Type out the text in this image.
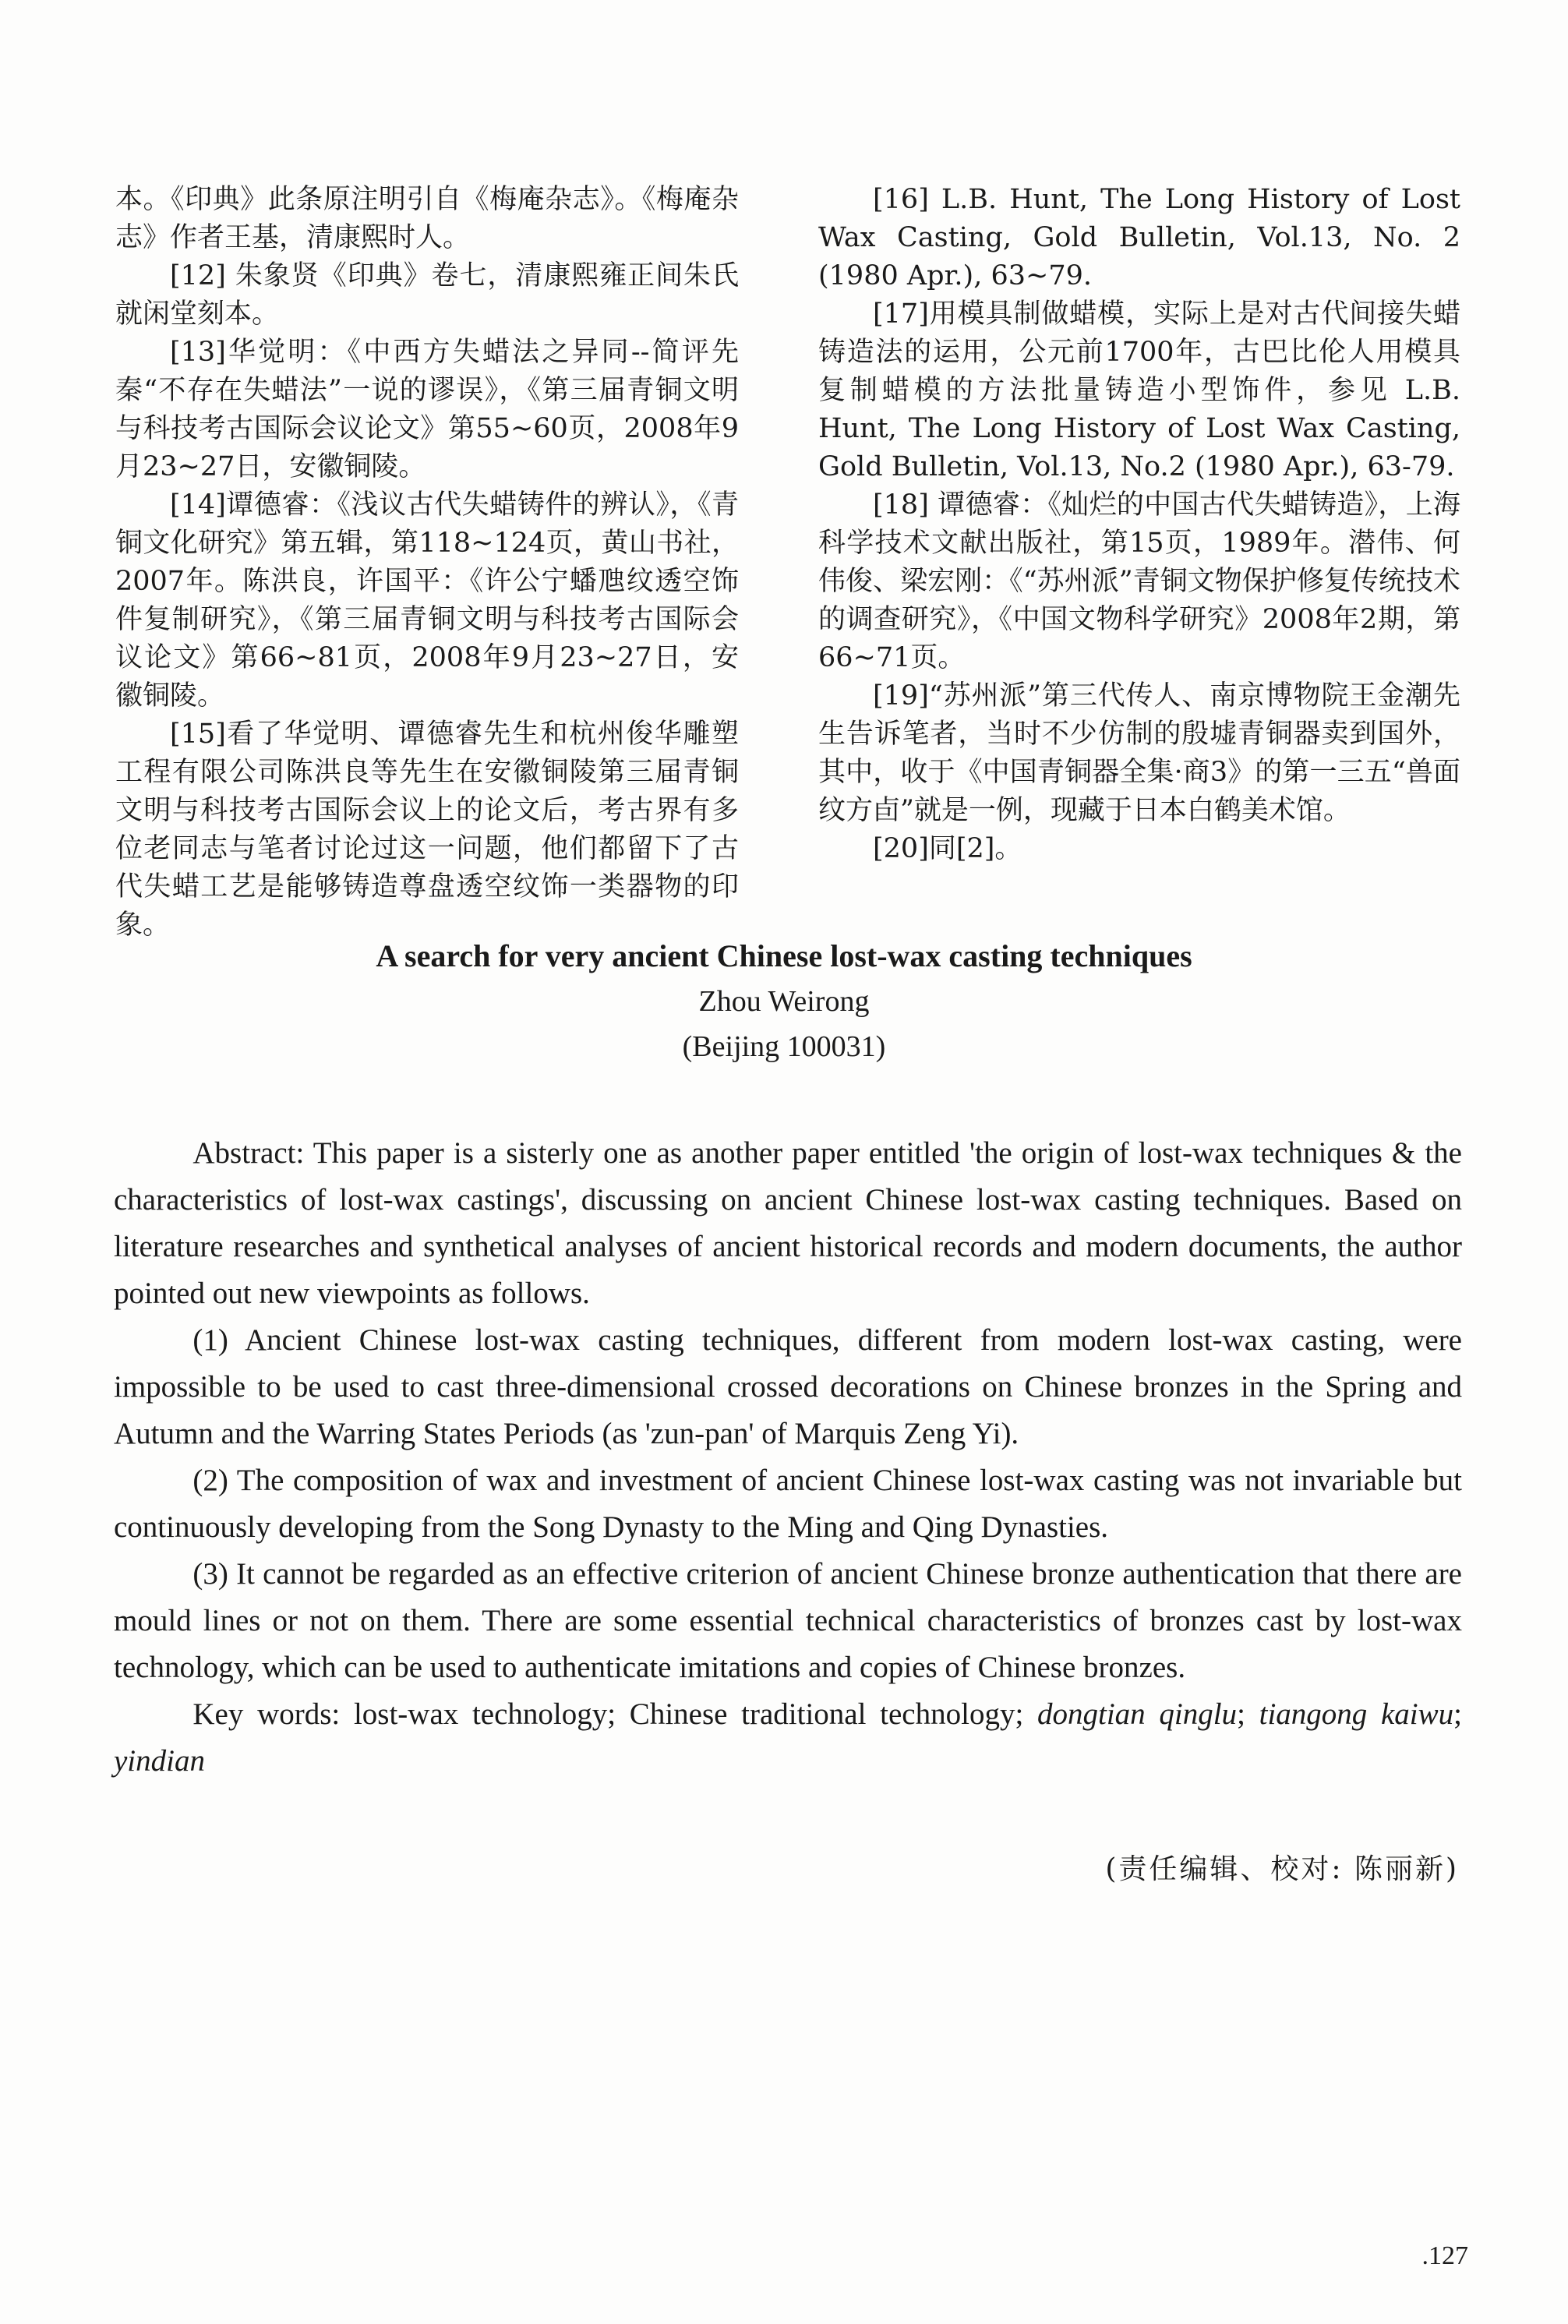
本。《印典》此条原注明引自《梅庵杂志》。《梅庵杂志》作者王基，清康熙时人。

[12] 朱象贤《印典》卷七，清康熙雍正间朱氏就闲堂刻本。

[13]华觉明：《中西方失蜡法之异同--简评先秦“不存在失蜡法”一说的谬误》，《第三届青铜文明与科技考古国际会议论文》第55~60页，2008年9月23~27日，安徽铜陵。

[14]谭德睿：《浅议古代失蜡铸件的辨认》，《青铜文化研究》第五辑，第118~124页，黄山书社，2007年。陈洪良，许国平：《许公宁蟠虺纹透空饰件复制研究》，《第三届青铜文明与科技考古国际会议论文》第66~81页，2008年9月23~27日，安徽铜陵。

[15]看了华觉明、谭德睿先生和杭州俊华雕塑工程有限公司陈洪良等先生在安徽铜陵第三届青铜文明与科技考古国际会议上的论文后，考古界有多位老同志与笔者讨论过这一问题，他们都留下了古代失蜡工艺是能够铸造尊盘透空纹饰一类器物的印象。

[16] L.B. Hunt, The Long History of Lost Wax Casting, Gold Bulletin, Vol.13, No. 2 (1980 Apr.), 63~79.

[17]用模具制做蜡模，实际上是对古代间接失蜡铸造法的运用，公元前1700年，古巴比伦人用模具复制蜡模的方法批量铸造小型饰件，参见 L.B. Hunt, The Long History of Lost Wax Casting, Gold Bulletin, Vol.13, No.2 (1980 Apr.), 63-79.

[18] 谭德睿：《灿烂的中国古代失蜡铸造》，上海科学技术文献出版社，第15页，1989年。潜伟、何伟俊、梁宏刚：《“苏州派”青铜文物保护修复传统技术的调查研究》，《中国文物科学研究》2008年2期，第66~71页。

[19]“苏州派”第三代传人、南京博物院王金潮先生告诉笔者，当时不少仿制的殷墟青铜器卖到国外，其中，收于《中国青铜器全集·商3》的第一三五“兽面纹方卣”就是一例，现藏于日本白鹤美术馆。

[20]同[2]。

A search for very ancient Chinese lost-wax casting techniques

Zhou Weirong

(Beijing 100031)

Abstract: This paper is a sisterly one as another paper entitled 'the origin of lost-wax techniques & the characteristics of lost-wax castings', discussing on ancient Chinese lost-wax casting techniques. Based on literature researches and synthetical analyses of ancient historical records and modern documents, the author pointed out new viewpoints as follows.

(1) Ancient Chinese lost-wax casting techniques, different from modern lost-wax casting, were impossible to be used to cast three-dimensional crossed decorations on Chinese bronzes in the Spring and Autumn and the Warring States Periods (as 'zun-pan' of Marquis Zeng Yi).

(2) The composition of wax and investment of ancient Chinese lost-wax casting was not invariable but continuously developing from the Song Dynasty to the Ming and Qing Dynasties.

(3) It cannot be regarded as an effective criterion of ancient Chinese bronze authentication that there are mould lines or not on them. There are some essential technical characteristics of bronzes cast by lost-wax technology, which can be used to authenticate imitations and copies of Chinese bronzes.

Key words: lost-wax technology; Chinese traditional technology; dongtian qinglu; tiangong kaiwu; yindian

(责任编辑、校对: 陈丽新)
.127
